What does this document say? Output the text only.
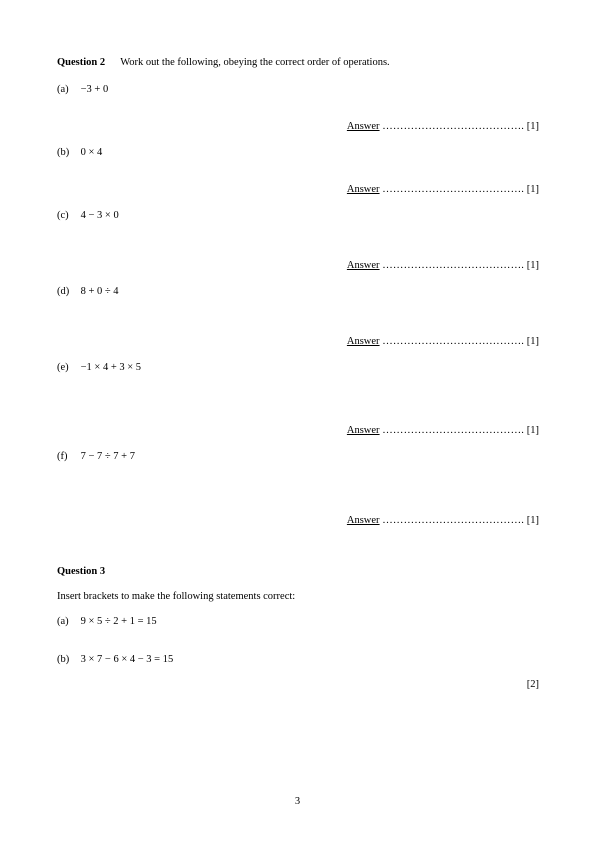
Question 2 Work out the following, obeying the correct order of operations.
(a) −3 + 0
Answer …………………………………. [1]
(b) 0 × 4
Answer …………………………………. [1]
(c) 4 − 3 × 0
Answer …………………………………. [1]
(d) 8 + 0 ÷ 4
Answer …………………………………. [1]
(e) −1 × 4 + 3 × 5
Answer …………………………………. [1]
(f) 7 − 7 ÷ 7 + 7
Answer …………………………………. [1]
Question 3
Insert brackets to make the following statements correct:
(a) 9 × 5 ÷ 2 + 1 = 15
(b) 3 × 7 − 6 × 4 − 3 = 15
[2]
3
